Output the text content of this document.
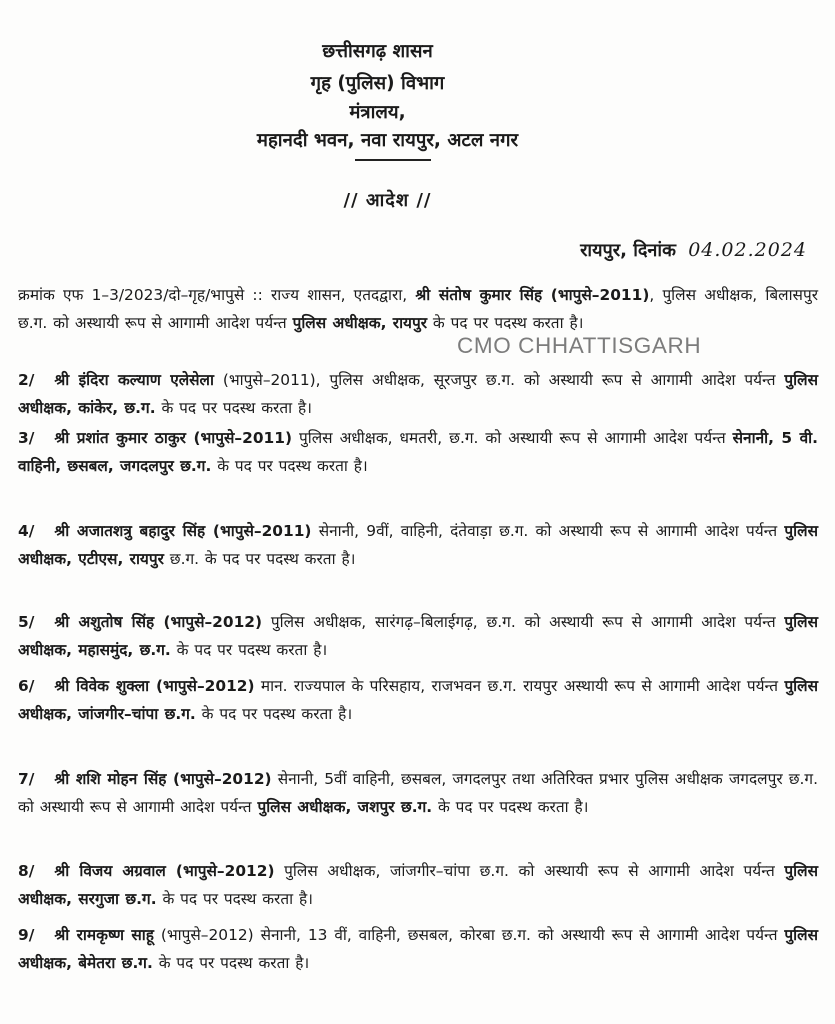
छत्तीसगढ़ शासन
गृह (पुलिस) विभाग
मंत्रालय,
महानदी भवन, नवा रायपुर, अटल नगर
// आदेश //
रायपुर, दिनांक 04.02.2024
CMO CHHATTISGARH
क्रमांक एफ 1–3/2023/दो–गृह/भापुसे :: राज्य शासन, एतदद्वारा, श्री संतोष कुमार सिंह (भापुसे–2011), पुलिस अधीक्षक, बिलासपुर छ.ग. को अस्थायी रूप से आगामी आदेश पर्यन्त पुलिस अधीक्षक, रायपुर के पद पर पदस्थ करता है।
2/ श्री इंदिरा कल्याण एलेसेला (भापुसे–2011), पुलिस अधीक्षक, सूरजपुर छ.ग. को अस्थायी रूप से आगामी आदेश पर्यन्त पुलिस अधीक्षक, कांकेर, छ.ग. के पद पर पदस्थ करता है।
3/ श्री प्रशांत कुमार ठाकुर (भापुसे–2011) पुलिस अधीक्षक, धमतरी, छ.ग. को अस्थायी रूप से आगामी आदेश पर्यन्त सेनानी, 5 वी. वाहिनी, छसबल, जगदलपुर छ.ग. के पद पर पदस्थ करता है।
4/ श्री अजातशत्रु बहादुर सिंह (भापुसे–2011) सेनानी, 9वीं, वाहिनी, दंतेवाड़ा छ.ग. को अस्थायी रूप से आगामी आदेश पर्यन्त पुलिस अधीक्षक, एटीएस, रायपुर छ.ग. के पद पर पदस्थ करता है।
5/ श्री अशुतोष सिंह (भापुसे–2012) पुलिस अधीक्षक, सारंगढ़–बिलाईगढ़, छ.ग. को अस्थायी रूप से आगामी आदेश पर्यन्त पुलिस अधीक्षक, महासमुंद, छ.ग. के पद पर पदस्थ करता है।
6/ श्री विवेक शुक्ला (भापुसे–2012) मान. राज्यपाल के परिसहाय, राजभवन छ.ग. रायपुर अस्थायी रूप से आगामी आदेश पर्यन्त पुलिस अधीक्षक, जांजगीर–चांपा छ.ग. के पद पर पदस्थ करता है।
7/ श्री शशि मोहन सिंह (भापुसे–2012) सेनानी, 5वीं वाहिनी, छसबल, जगदलपुर तथा अतिरिक्त प्रभार पुलिस अधीक्षक जगदलपुर छ.ग. को अस्थायी रूप से आगामी आदेश पर्यन्त पुलिस अधीक्षक, जशपुर छ.ग. के पद पर पदस्थ करता है।
8/ श्री विजय अग्रवाल (भापुसे–2012) पुलिस अधीक्षक, जांजगीर–चांपा छ.ग. को अस्थायी रूप से आगामी आदेश पर्यन्त पुलिस अधीक्षक, सरगुजा छ.ग. के पद पर पदस्थ करता है।
9/ श्री रामकृष्ण साहू (भापुसे–2012) सेनानी, 13 वीं, वाहिनी, छसबल, कोरबा छ.ग. को अस्थायी रूप से आगामी आदेश पर्यन्त पुलिस अधीक्षक, बेमेतरा छ.ग. के पद पर पदस्थ करता है।
